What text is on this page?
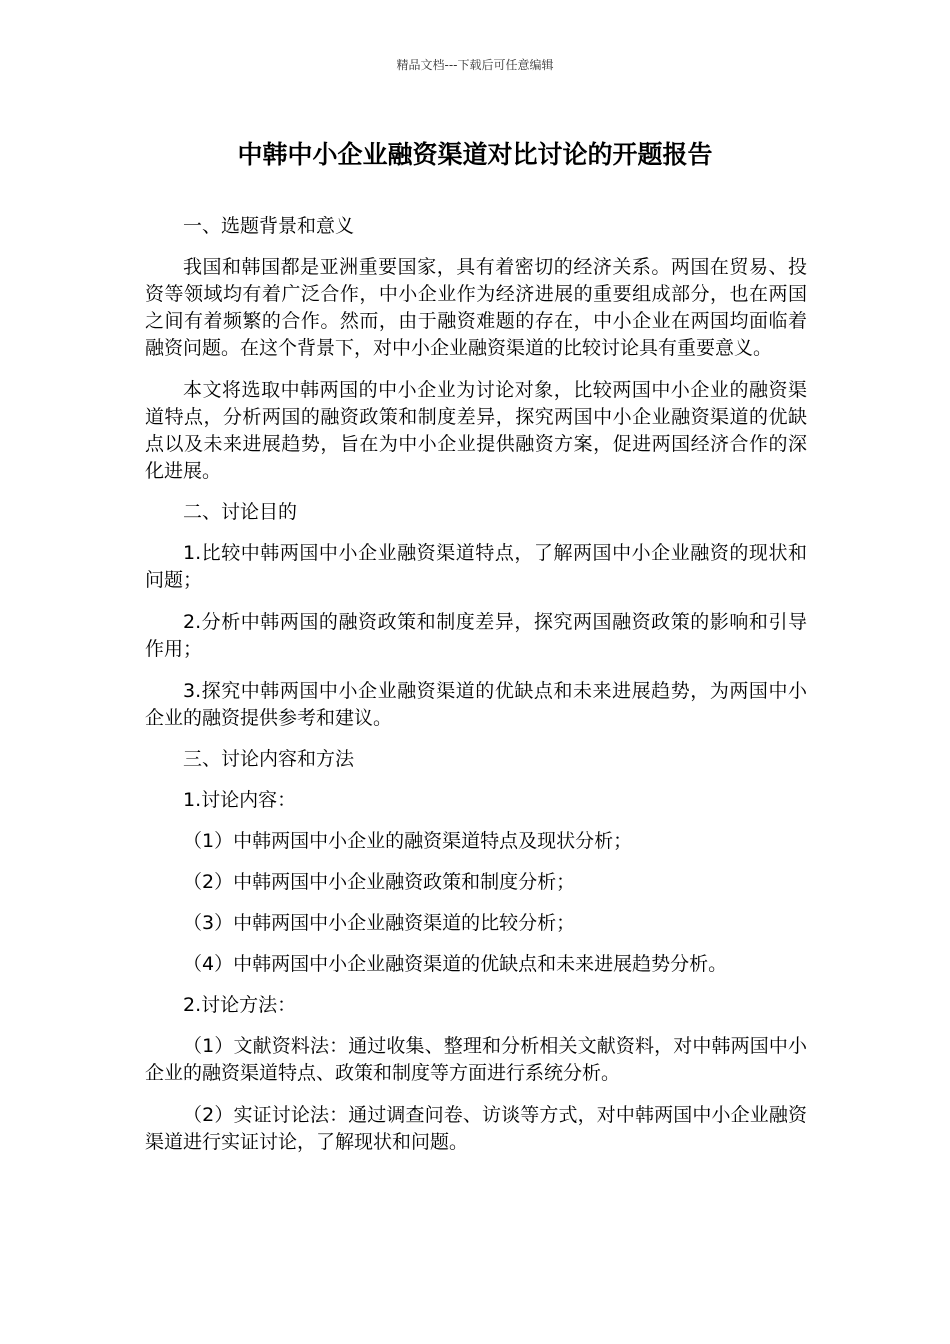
精品文档---下载后可任意编辑
中韩中小企业融资渠道对比讨论的开题报告

一、选题背景和意义

我国和韩国都是亚洲重要国家，具有着密切的经济关系。两国在贸易、投资等领域均有着广泛合作，中小企业作为经济进展的重要组成部分，也在两国之间有着频繁的合作。然而，由于融资难题的存在，中小企业在两国均面临着融资问题。在这个背景下，对中小企业融资渠道的比较讨论具有重要意义。

本文将选取中韩两国的中小企业为讨论对象，比较两国中小企业的融资渠道特点，分析两国的融资政策和制度差异，探究两国中小企业融资渠道的优缺点以及未来进展趋势，旨在为中小企业提供融资方案，促进两国经济合作的深化进展。

二、讨论目的

1.比较中韩两国中小企业融资渠道特点，了解两国中小企业融资的现状和问题；

2.分析中韩两国的融资政策和制度差异，探究两国融资政策的影响和引导作用；

3.探究中韩两国中小企业融资渠道的优缺点和未来进展趋势，为两国中小企业的融资提供参考和建议。

三、讨论内容和方法

1.讨论内容：

（1）中韩两国中小企业的融资渠道特点及现状分析；

（2）中韩两国中小企业融资政策和制度分析；

（3）中韩两国中小企业融资渠道的比较分析；

（4）中韩两国中小企业融资渠道的优缺点和未来进展趋势分析。

2.讨论方法：

（1）文献资料法：通过收集、整理和分析相关文献资料，对中韩两国中小企业的融资渠道特点、政策和制度等方面进行系统分析。

（2）实证讨论法：通过调查问卷、访谈等方式，对中韩两国中小企业融资渠道进行实证讨论，了解现状和问题。
